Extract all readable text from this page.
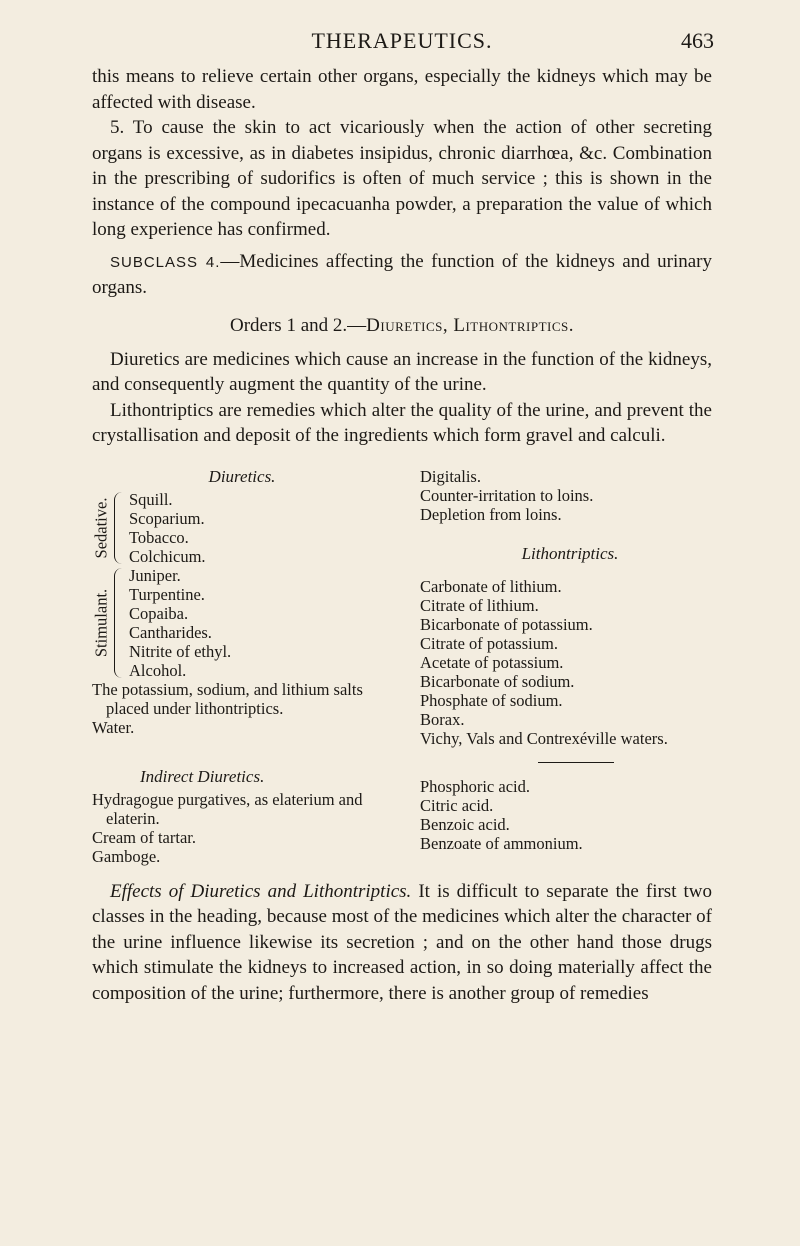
THERAPEUTICS.	463

this means to relieve certain other organs, especially the kidneys which may be affected with disease.

5. To cause the skin to act vicariously when the action of other secreting organs is excessive, as in diabetes insipidus, chronic diarrhœa, &c. Combination in the prescribing of sudorifics is often of much service ; this is shown in the instance of the compound ipecacuanha powder, a preparation the value of which long experience has confirmed.

SUBCLASS 4.—Medicines affecting the function of the kidneys and urinary organs.

Orders 1 and 2.—Diuretics, Lithontriptics.

Diuretics are medicines which cause an increase in the function of the kidneys, and consequently augment the quantity of the urine.

Lithontriptics are remedies which alter the quality of the urine, and prevent the crystallisation and deposit of the ingredients which form gravel and calculi.

Diuretics.
Sedative. Squill.
Scoparium.
Tobacco.
Colchicum.
Stimulant.
Juniper.
Turpentine.
Copaiba.
Cantharides.
Nitrite of ethyl.
Alcohol.
The potassium, sodium, and lithium salts placed under lithontriptics.
Water.
Indirect Diuretics.
Hydragogue purgatives, as elaterium and elaterin.
Cream of tartar.
Gamboge.
Digitalis.
Counter-irritation to loins.
Depletion from loins.
Lithontriptics.
Carbonate of lithium.
Citrate of lithium.
Bicarbonate of potassium.
Citrate of potassium.
Acetate of potassium.
Bicarbonate of sodium.
Phosphate of sodium.
Borax.
Vichy, Vals and Contrexéville waters.
Phosphoric acid.
Citric acid.
Benzoic acid.
Benzoate of ammonium.

Effects of Diuretics and Lithontriptics. It is difficult to separate the first two classes in the heading, because most of the medicines which alter the character of the urine influence likewise its secretion ; and on the other hand those drugs which stimulate the kidneys to increased action, in so doing materially affect the composition of the urine; furthermore, there is another group of remedies
